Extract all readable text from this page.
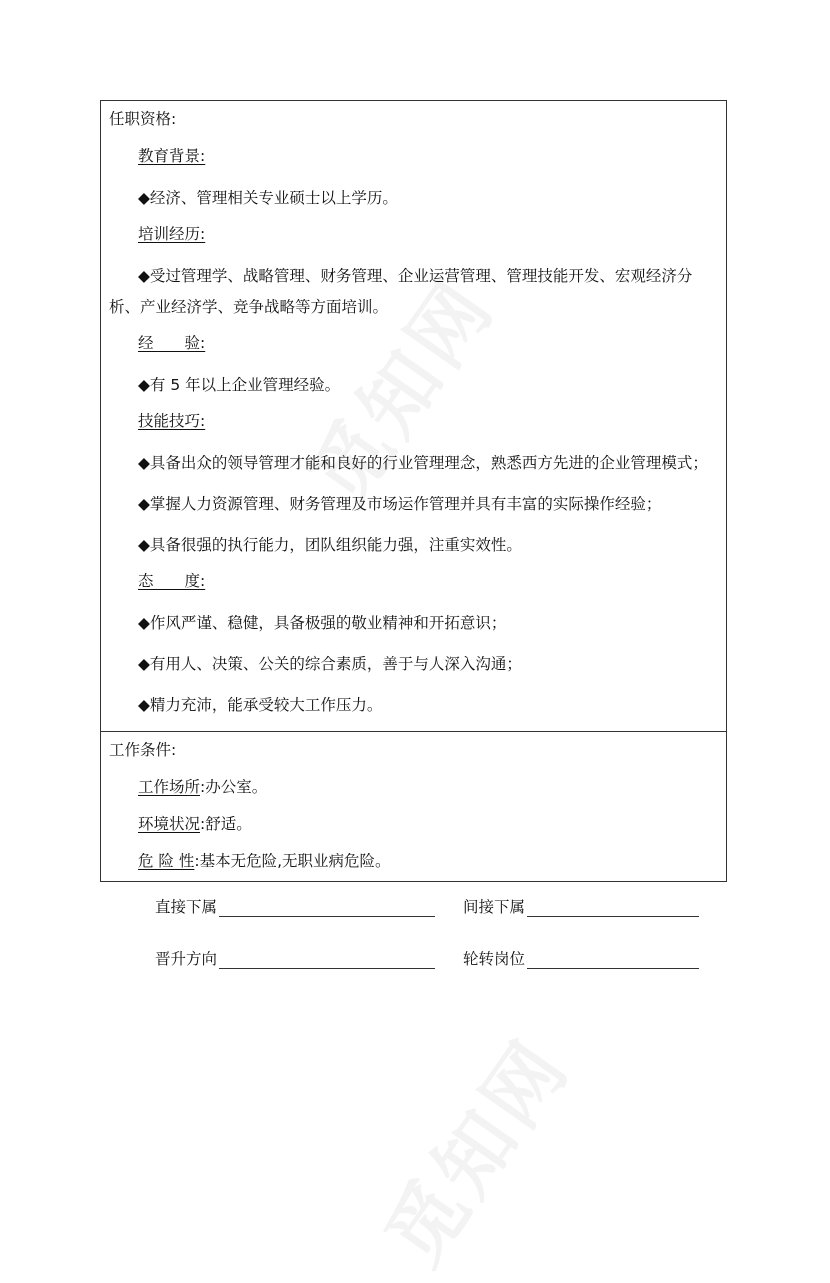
任职资格:
教育背景:
◆经济、管理相关专业硕士以上学历。
培训经历:
◆受过管理学、战略管理、财务管理、企业运营管理、管理技能开发、宏观经济分析、产业经济学、竞争战略等方面培训。
经　　验:
◆有 5 年以上企业管理经验。
技能技巧:
◆具备出众的领导管理才能和良好的行业管理理念，熟悉西方先进的企业管理模式；
◆掌握人力资源管理、财务管理及市场运作管理并具有丰富的实际操作经验；
◆具备很强的执行能力，团队组织能力强，注重实效性。
态　　度:
◆作风严谨、稳健，具备极强的敬业精神和开拓意识；
◆有用人、决策、公关的综合素质，善于与人深入沟通；
◆精力充沛，能承受较大工作压力。
工作条件:
工作场所:办公室。
环境状况:舒适。
危 险 性:基本无危险,无职业病危险。
直接下属	间接下属
晋升方向	轮转岗位
